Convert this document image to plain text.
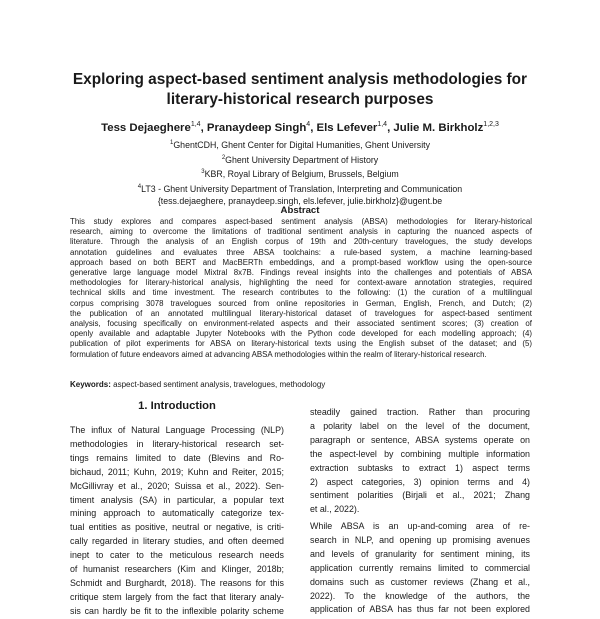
Exploring aspect-based sentiment analysis methodologies for
literary-historical research purposes

Tess Dejaeghere$^{1,4}$, Pranaydeep Singh$^4$, Els Lefever$^{1,4}$, Julie M. Birkholz$^{1,2,3}$

$^1$GhentCDH, Ghent Center for Digital Humanities, Ghent University
$^2$Ghent University Department of History
$^3$KBR, Royal Library of Belgium, Brussels, Belgium
$^4$LT3 - Ghent University Department of Translation, Interpreting and Communication
{tess.dejaeghere, pranaydeep.singh, els.lefever, julie.birkholz}@ugent.be
Abstract
This study explores and compares aspect-based sentiment analysis (ABSA) methodologies for literary-historical
research, aiming to overcome the limitations of traditional sentiment analysis in capturing the nuanced aspects of
literature. Through the analysis of an English corpus of 19th and 20th-century travelogues, the study develops
annotation guidelines and evaluates three ABSA toolchains: a rule-based system, a machine learning-based
approach based on both BERT and MacBERTh embeddings, and a prompt-based workflow using the open-source
generative large language model Mixtral 8x7B. Findings reveal insights into the challenges and potentials of ABSA
methodologies for literary-historical analysis, highlighting the need for context-aware annotation strategies, required
technical skills and time investment. The research contributes to the following: (1) the curation of a multilingual
corpus comprising 3078 travelogues sourced from online repositories in German, English, French, and Dutch; (2)
the publication of an annotated multilingual literary-historical dataset of travelogues for aspect-based sentiment
analysis, focusing specifically on environment-related aspects and their associated sentiment scores; (3) creation of
openly available and adaptable Jupyter Notebooks with the Python code developed for each modelling approach; (4)
publication of pilot experiments for ABSA on literary-historical texts using the English subset of the dataset; and (5)
formulation of future endeavors aimed at advancing ABSA methodologies within the realm of literary-historical research.
Keywords: aspect-based sentiment analysis, travelogues, methodology
1. Introduction
The influx of Natural Language Processing (NLP)
methodologies in literary-historical research set-
tings remains limited to date (Blevins and Ro-
bichaud, 2011; Kuhn, 2019; Kuhn and Reiter, 2015;
McGillivray et al., 2020; Suissa et al., 2022). Sen-
timent analysis (SA) in particular, a popular text
mining approach to automatically categorize tex-
tual entities as positive, neutral or negative, is criti-
cally regarded in literary studies, and often deemed
inept to cater to the meticulous research needs
of humanist researchers (Kim and Klinger, 2018b;
Schmidt and Burghardt, 2018). The reasons for this
critique stem largely from the fact that literary analy-
sis can hardly be fit to the inflexible polarity scheme
steadily gained traction. Rather than procuring
a polarity label on the level of the document,
paragraph or sentence, ABSA systems operate on
the aspect-level by combining multiple information
extraction subtasks to extract 1) aspect terms
2) aspect categories, 3) opinion terms and 4)
sentiment polarities (Birjali et al., 2021; Zhang
et al., 2022).
While ABSA is an up-and-coming area of re-
search in NLP, and opening up promising avenues
and levels of granularity for sentiment mining, its
application currently remains limited to commercial
domains such as customer reviews (Zhang et al.,
2022). To the knowledge of the authors, the
application of ABSA has thus far not been explored
